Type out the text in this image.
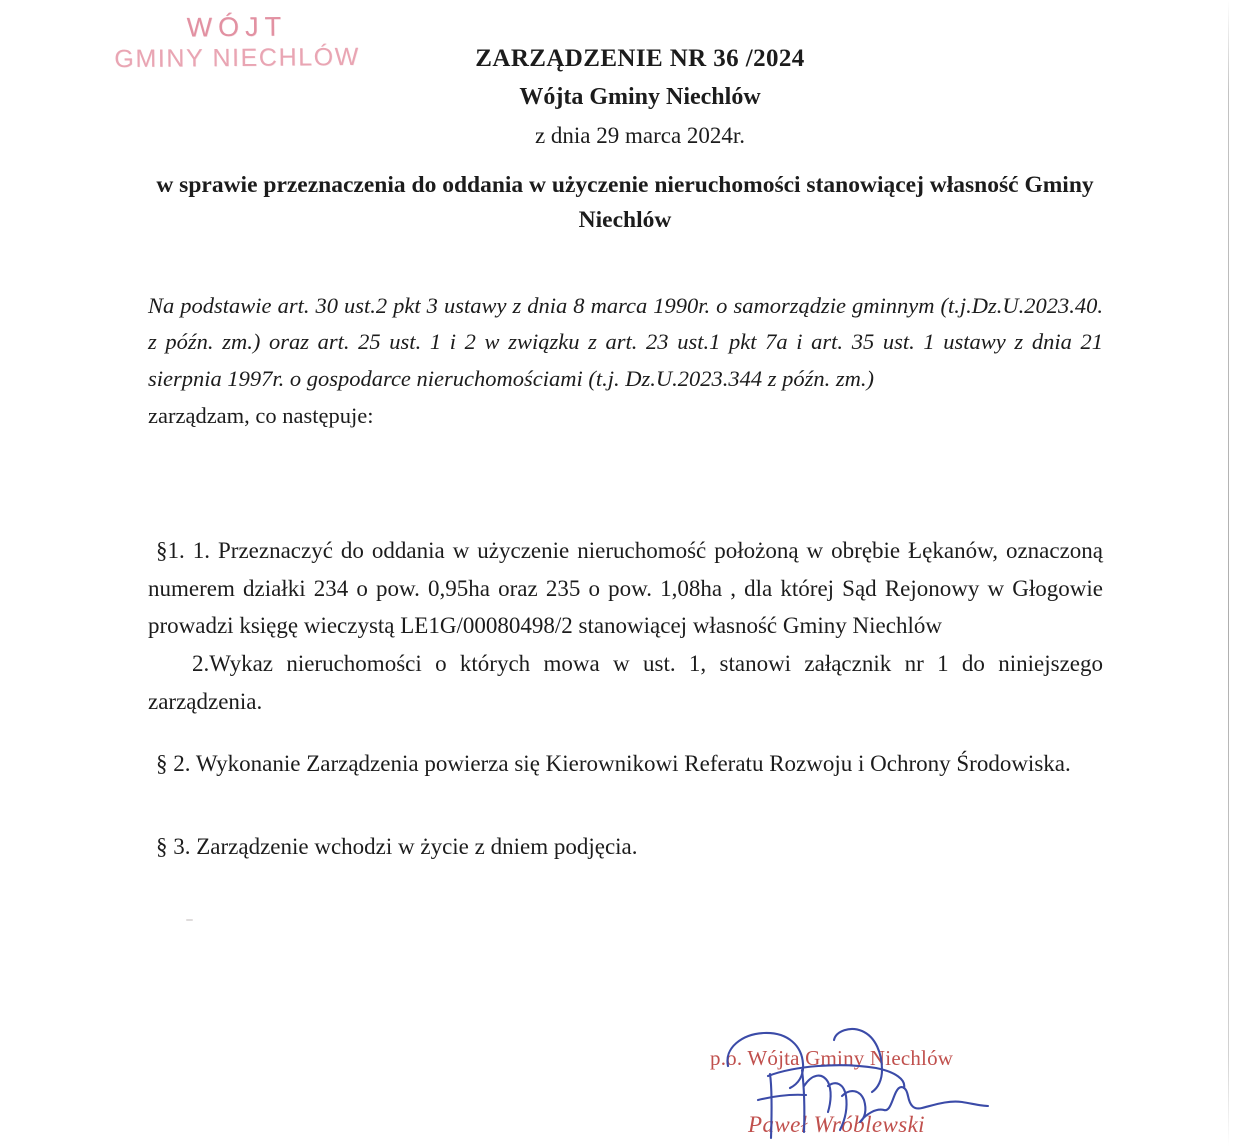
WÓJT
GMINY NIECHLÓW	ZARZĄDZENIE NR 36 /2024
Wójta Gminy Niechlów
z dnia 29 marca 2024r.
w sprawie przeznaczenia do oddania w użyczenie nieruchomości stanowiącej własność Gminy Niechlów
Na podstawie art. 30 ust.2 pkt 3 ustawy z dnia 8 marca 1990r. o samorządzie gminnym (t.j.Dz.U.2023.40. z późn. zm.) oraz art. 25 ust. 1 i 2 w związku z art. 23 ust.1 pkt 7a i art. 35 ust. 1 ustawy z dnia 21 sierpnia 1997r. o gospodarce nieruchomościami (t.j. Dz.U.2023.344 z późn. zm.)
zarządzam, co następuje:
§1. 1. Przeznaczyć do oddania w użyczenie nieruchomość położoną w obrębie Łękanów, oznaczoną numerem działki 234 o pow. 0,95ha oraz 235 o pow. 1,08ha , dla której Sąd Rejonowy w Głogowie prowadzi księgę wieczystą LE1G/00080498/2 stanowiącej własność Gminy Niechlów
2.Wykaz nieruchomości o których mowa w ust. 1, stanowi załącznik nr 1 do niniejszego zarządzenia.
§ 2. Wykonanie Zarządzenia powierza się Kierownikowi Referatu Rozwoju i Ochrony Środowiska.
§ 3. Zarządzenie wchodzi w życie z dniem podjęcia.
p.o. Wójta Gminy Niechlów
Paweł Wróblewski
